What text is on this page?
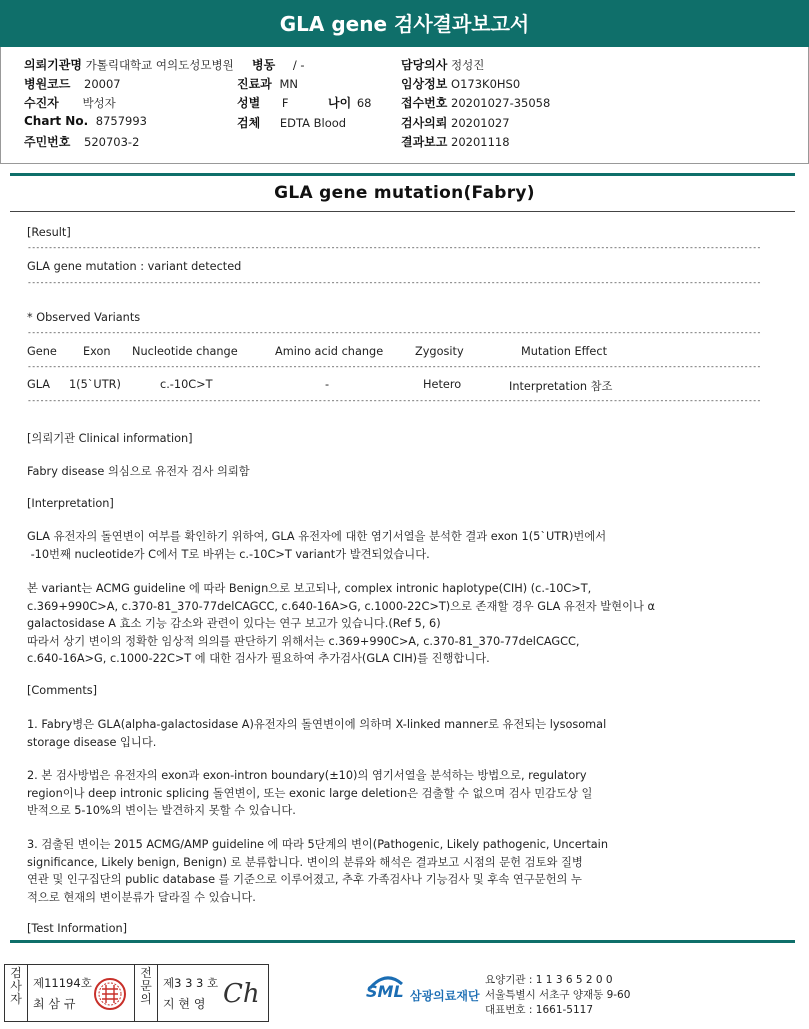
GLA gene 검사결과보고서
의뢰기관명 가톨릭대학교 여의도성모병원 병동 / -	담당의사 정성진
병원코드 20007	진료과 MN	임상정보 O173K0HS0
수진자 박성자	성별 F	나이 68 접수번호 20201027-35058
Chart No. 8757993	검체 EDTA Blood	검사의뢰 20201027
주민번호 520703-2	결과보고 20201118
GLA gene mutation(Fabry)
[Result]
------------------------------------------------------------------------------------------------------------------------------------------------------------------------------
GLA gene mutation : variant detected
------------------------------------------------------------------------------------------------------------------------------------------------------------------------------
* Observed Variants
------------------------------------------------------------------------------------------------------------------------------------------------------------------------------
Gene Exon Nucleotide change	Amino acid change	Zygosity	Mutation Effect
------------------------------------------------------------------------------------------------------------------------------------------------------------------------------
GLA 1(5`UTR)	c.-10C>T	-	Hetero	Interpretation 참조
------------------------------------------------------------------------------------------------------------------------------------------------------------------------------
[의뢰기관 Clinical information]
Fabry disease 의심으로 유전자 검사 의뢰함
[Interpretation]
GLA 유전자의 돌연변이 여부를 확인하기 위하여, GLA 유전자에 대한 염기서열을 분석한 결과 exon 1(5`UTR)번에서
-10번째 nucleotide가 C에서 T로 바뀌는 c.-10C>T variant가 발견되었습니다.
본 variant는 ACMG guideline 에 따라 Benign으로 보고되나, complex intronic haplotype(CIH) (c.-10C>T,
c.369+990C>A, c.370-81_370-77delCAGCC, c.640-16A>G, c.1000-22C>T)으로 존재할 경우 GLA 유전자 발현이나 α
galactosidase A 효소 기능 감소와 관련이 있다는 연구 보고가 있습니다.(Ref 5, 6)
따라서 상기 변이의 정확한 임상적 의의를 판단하기 위해서는 c.369+990C>A, c.370-81_370-77delCAGCC,
c.640-16A>G, c.1000-22C>T 에 대한 검사가 필요하여 추가검사(GLA CIH)를 진행합니다.
[Comments]
1. Fabry병은 GLA(alpha-galactosidase A)유전자의 돌연변이에 의하며 X-linked manner로 유전되는 lysosomal
storage disease 입니다.
2. 본 검사방법은 유전자의 exon과 exon-intron boundary(±10)의 염기서열을 분석하는 방법으로, regulatory
region이나 deep intronic splicing 돌연변이, 또는 exonic large deletion은 검출할 수 없으며 검사 민감도상 일
반적으로 5-10%의 변이는 발견하지 못할 수 있습니다.
3. 검출된 변이는 2015 ACMG/AMP guideline 에 따라 5단계의 변이(Pathogenic, Likely pathogenic, Uncertain
significance, Likely benign, Benign) 로 분류합니다. 변이의 분류와 해석은 결과보고 시점의 문헌 검토와 질병
연관 및 인구집단의 public database 를 기준으로 이루어졌고, 추후 가족검사나 기능검사 및 후속 연구문헌의 누
적으로 현재의 변이분류가 달라질 수 있습니다.
[Test Information]
검
사
자
제11194호
최 삼 규
전
문
의
제3 3 3 호
지 현 영 Ch	SML 삼광의료재단
요양기관 : 1 1 3 6 5 2 0 0
서울특별시 서초구 양재동 9-60
대표번호 : 1661-5117
